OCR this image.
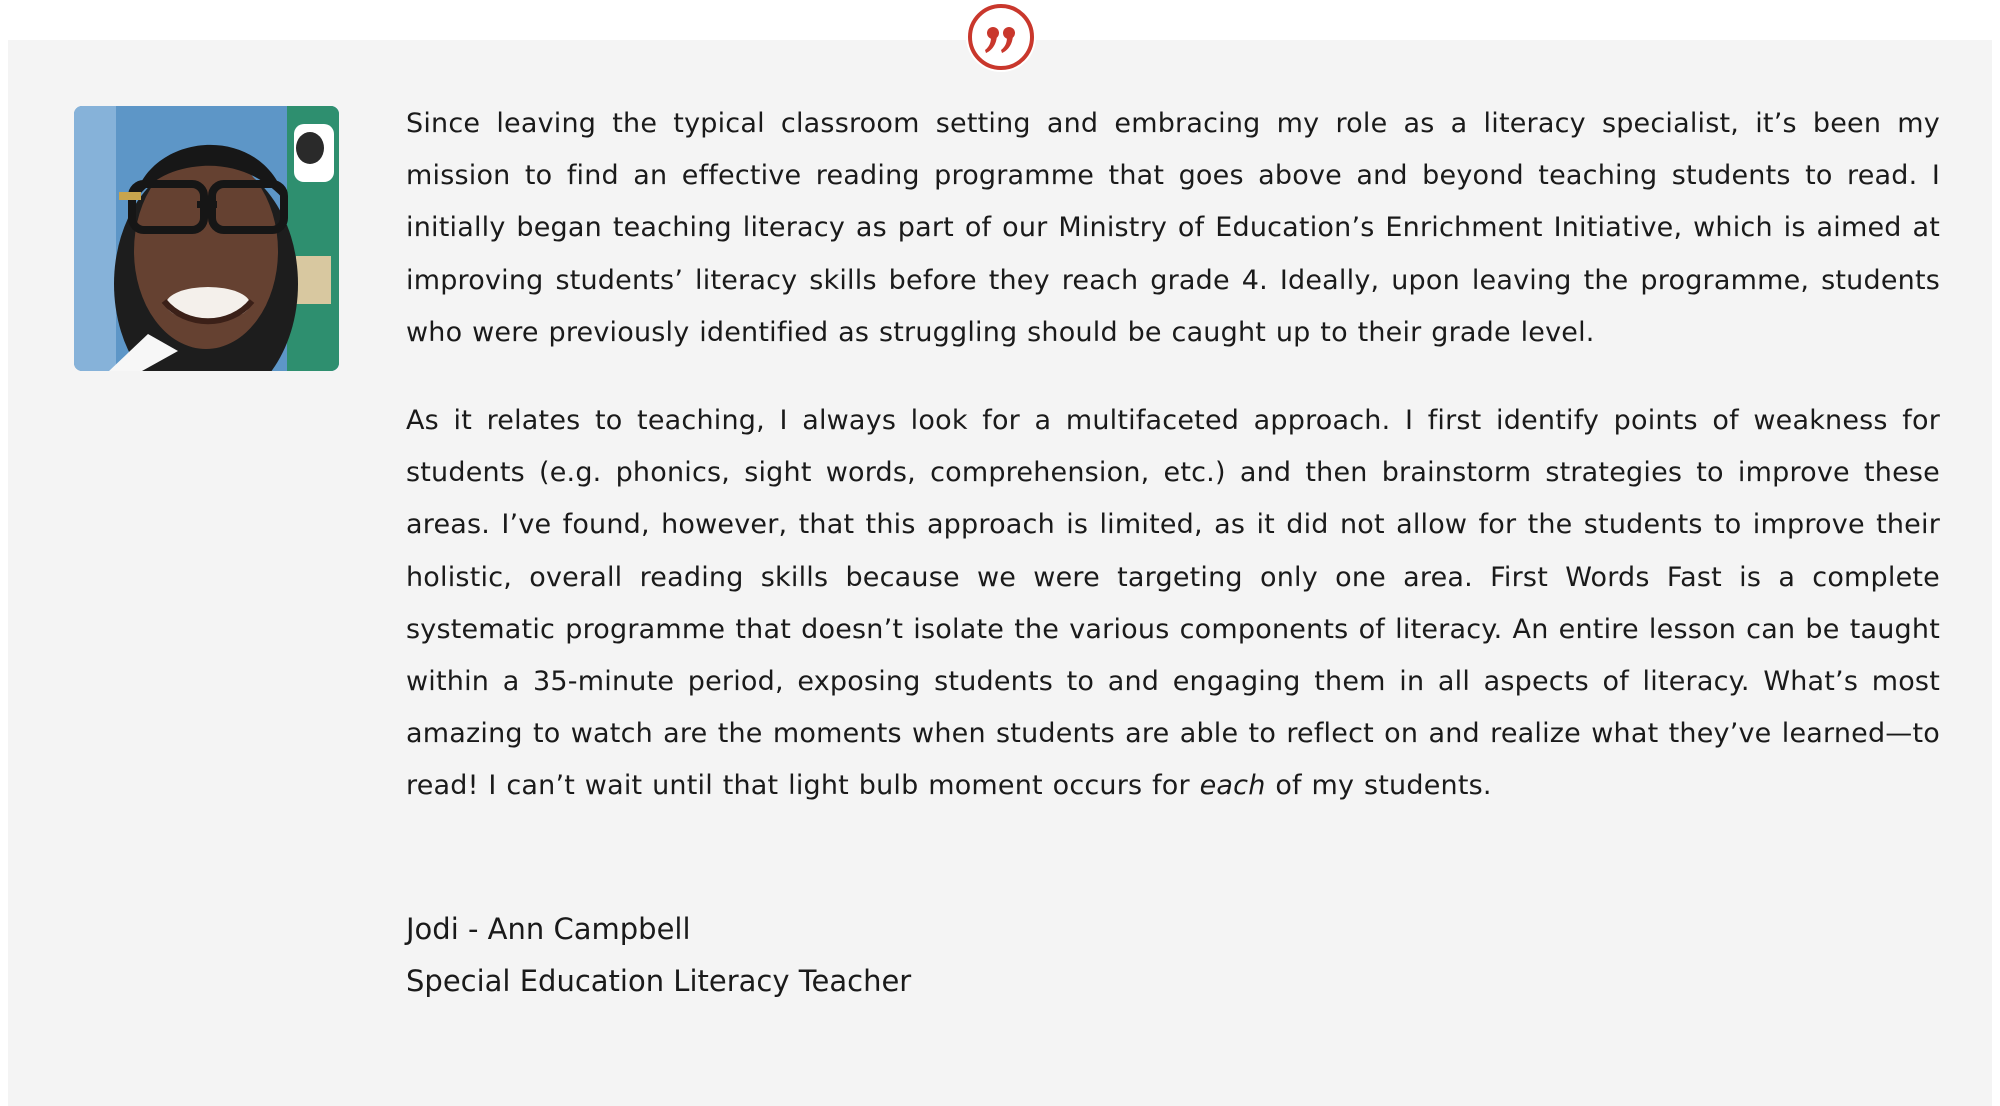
Since leaving the typical classroom setting and embracing my role as a literacy specialist, it’s been my mission to find an effective reading programme that goes above and beyond teaching students to read. I initially began teaching literacy as part of our Ministry of Education’s Enrichment Initiative, which is aimed at improving students’ literacy skills before they reach grade 4. Ideally, upon leaving the programme, students who were previously identified as struggling should be caught up to their grade level.

As it relates to teaching, I always look for a multifaceted approach. I first identify points of weakness for students (e.g. phonics, sight words, comprehension, etc.) and then brainstorm strategies to improve these areas. I’ve found, however, that this approach is limited, as it did not allow for the students to improve their holistic, overall reading skills because we were targeting only one area. First Words Fast is a complete systematic programme that doesn’t isolate the various components of literacy. An entire lesson can be taught within a 35-minute period, exposing students to and engaging them in all aspects of literacy. What’s most amazing to watch are the moments when students are able to reflect on and realize what they’ve learned—to read! I can’t wait until that light bulb moment occurs for each of my students.

Jodi - Ann Campbell
Special Education Literacy Teacher
